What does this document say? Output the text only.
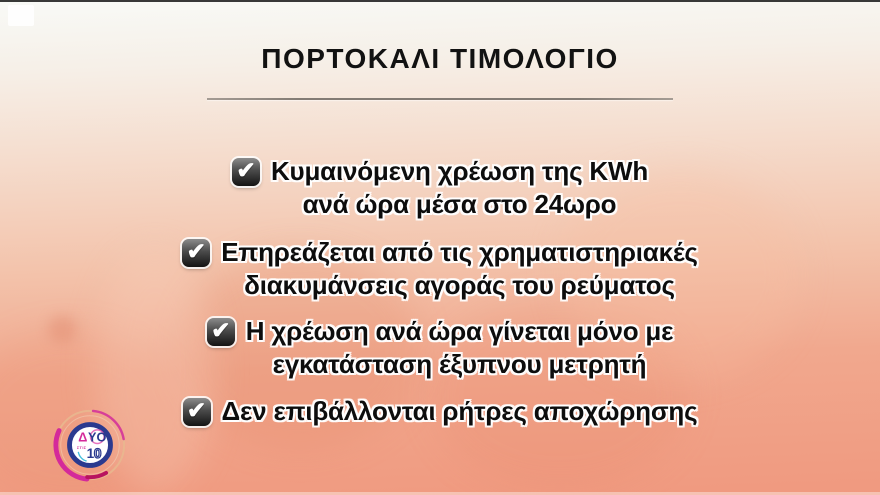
ΠΟΡΤΟΚΑΛΙ ΤΙΜΟΛΟΓΙΟ
✔ Κυμαινόμενη χρέωση της KWh
ανά ώρα μέσα στο 24ωρο
✔ Επηρεάζεται από τις χρηματιστηριακές
διακυμάνσεις αγοράς του ρεύματος
✔ Η χρέωση ανά ώρα γίνεται μόνο με
εγκατάσταση έξυπνου μετρητή
✔ Δεν επιβάλλονται ρήτρες αποχώρησης
Δ YO
ΣΤΙΣ 1 0
